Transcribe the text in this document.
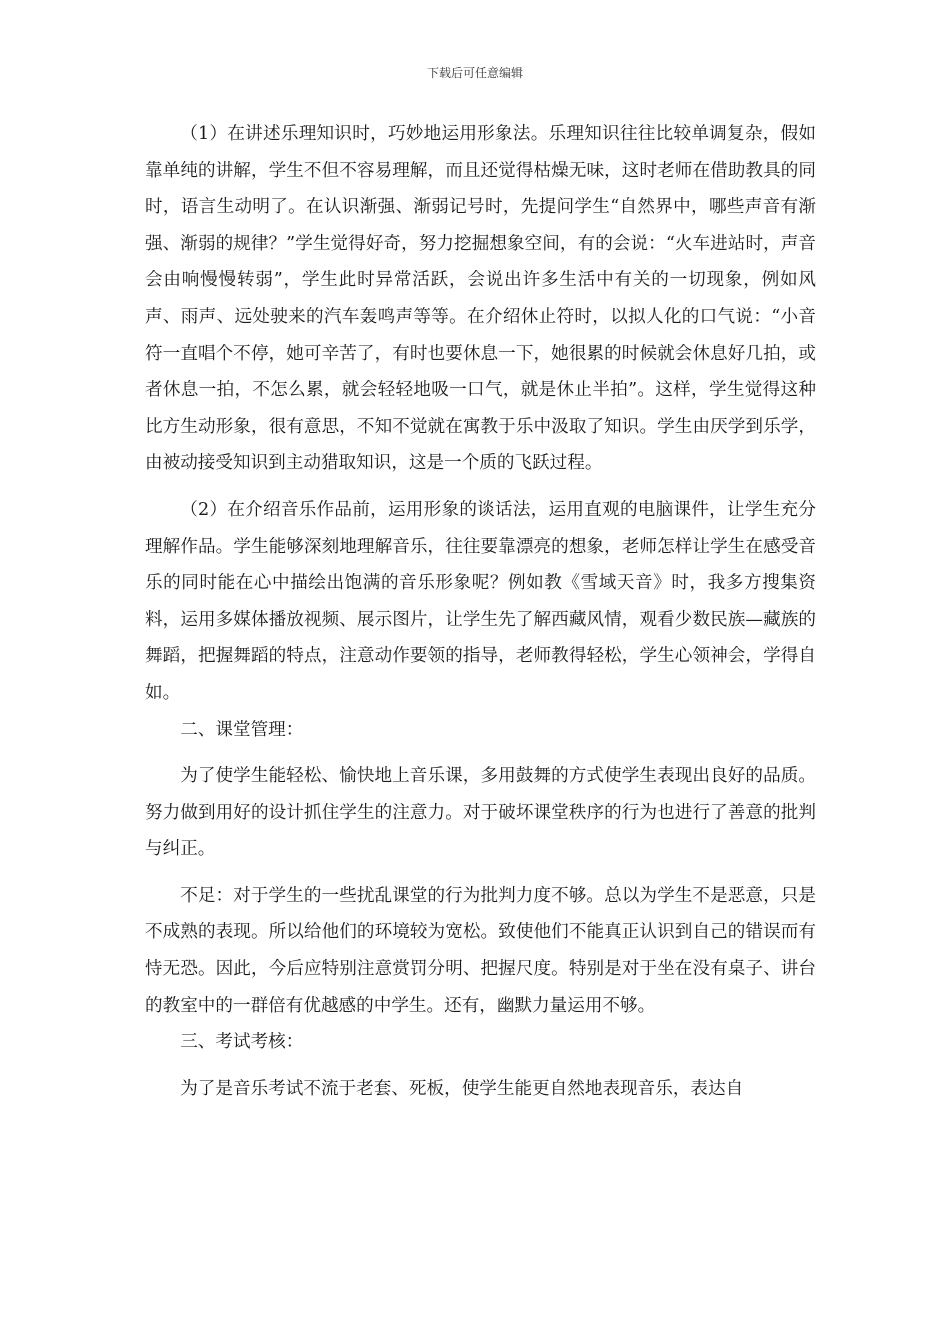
下载后可任意编辑

（1）在讲述乐理知识时，巧妙地运用形象法。乐理知识往往比较单调复杂，假如靠单纯的讲解，学生不但不容易理解，而且还觉得枯燥无味，这时老师在借助教具的同时，语言生动明了。在认识渐强、渐弱记号时，先提问学生“自然界中，哪些声音有渐强、渐弱的规律？”学生觉得好奇，努力挖掘想象空间，有的会说：“火车进站时，声音会由响慢慢转弱”，学生此时异常活跃，会说出许多生活中有关的一切现象，例如风声、雨声、远处驶来的汽车轰鸣声等等。在介绍休止符时，以拟人化的口气说：“小音符一直唱个不停，她可辛苦了，有时也要休息一下，她很累的时候就会休息好几拍，或者休息一拍，不怎么累，就会轻轻地吸一口气，就是休止半拍”。这样，学生觉得这种比方生动形象，很有意思，不知不觉就在寓教于乐中汲取了知识。学生由厌学到乐学，由被动接受知识到主动猎取知识，这是一个质的飞跃过程。

（2）在介绍音乐作品前，运用形象的谈话法，运用直观的电脑课件，让学生充分理解作品。学生能够深刻地理解音乐，往往要靠漂亮的想象，老师怎样让学生在感受音乐的同时能在心中描绘出饱满的音乐形象呢？例如教《雪域天音》时，我多方搜集资料，运用多媒体播放视频、展示图片，让学生先了解西藏风情，观看少数民族—藏族的舞蹈，把握舞蹈的特点，注意动作要领的指导，老师教得轻松，学生心领神会，学得自如。

二、课堂管理：

为了使学生能轻松、愉快地上音乐课，多用鼓舞的方式使学生表现出良好的品质。努力做到用好的设计抓住学生的注意力。对于破坏课堂秩序的行为也进行了善意的批判与纠正。

不足：对于学生的一些扰乱课堂的行为批判力度不够。总以为学生不是恶意，只是不成熟的表现。所以给他们的环境较为宽松。致使他们不能真正认识到自己的错误而有恃无恐。因此，今后应特别注意赏罚分明、把握尺度。特别是对于坐在没有桌子、讲台的教室中的一群倍有优越感的中学生。还有，幽默力量运用不够。

三、考试考核：

为了是音乐考试不流于老套、死板，使学生能更自然地表现音乐，表达自
